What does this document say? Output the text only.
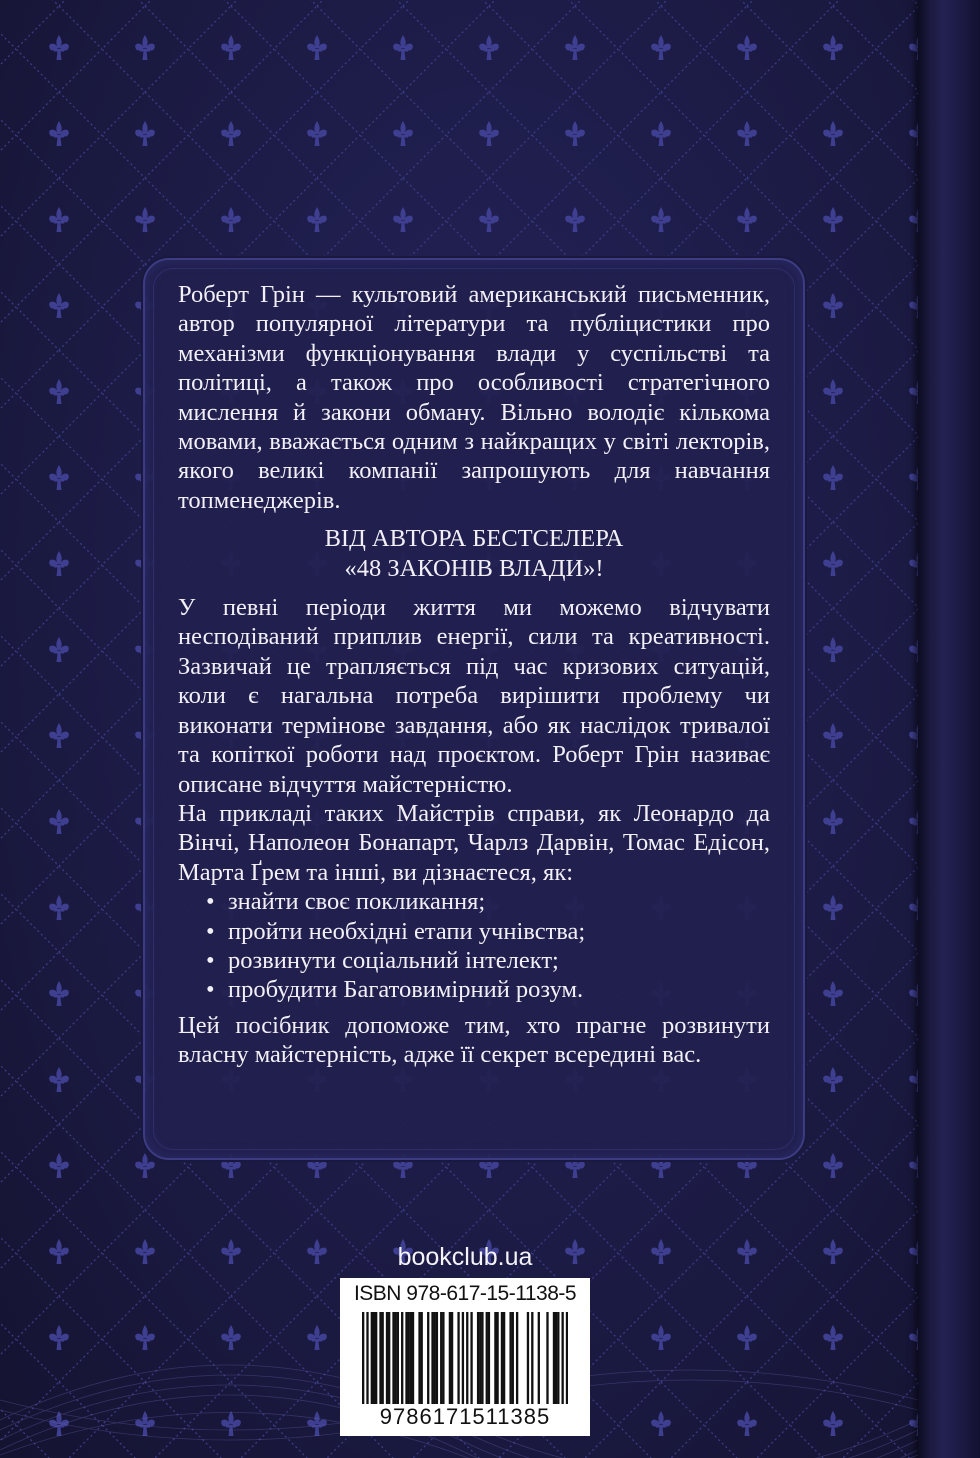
Роберт Грін — культовий американський письменник, автор популярної літератури та публіцистики про механізми функціонування влади у суспільстві та політиці, а також про особливості стратегічного мислення й закони обману. Вільно володіє кількома мовами, вважається одним з найкращих у світі лекторів, якого великі компанії запрошують для навчання топменеджерів.

ВІД АВТОРА БЕСТСЕЛЕРА
«48 ЗАКОНІВ ВЛАДИ»!

У певні періоди життя ми можемо відчувати несподіваний приплив енергії, сили та креативності. Зазвичай це трапляється під час кризових ситуацій, коли є нагальна потреба вирішити проблему чи виконати термінове завдання, або як наслідок тривалої та копіткої роботи над проєктом. Роберт Грін називає описане відчуття майстерністю.

На прикладі таких Майстрів справи, як Леонардо да Вінчі, Наполеон Бонапарт, Чарлз Дарвін, Томас Едісон, Марта Ґрем та інші, ви дізнаєтеся, як:

• знайти своє покликання;
• пройти необхідні етапи учнівства;
• розвинути соціальний інтелект;
• пробудити Багатовимірний розум.

Цей посібник допоможе тим, хто прагне розвинути власну майстерність, адже її секрет всередині вас.

bookclub.ua
ISBN 978-617-15-1138-5
9786171511385
